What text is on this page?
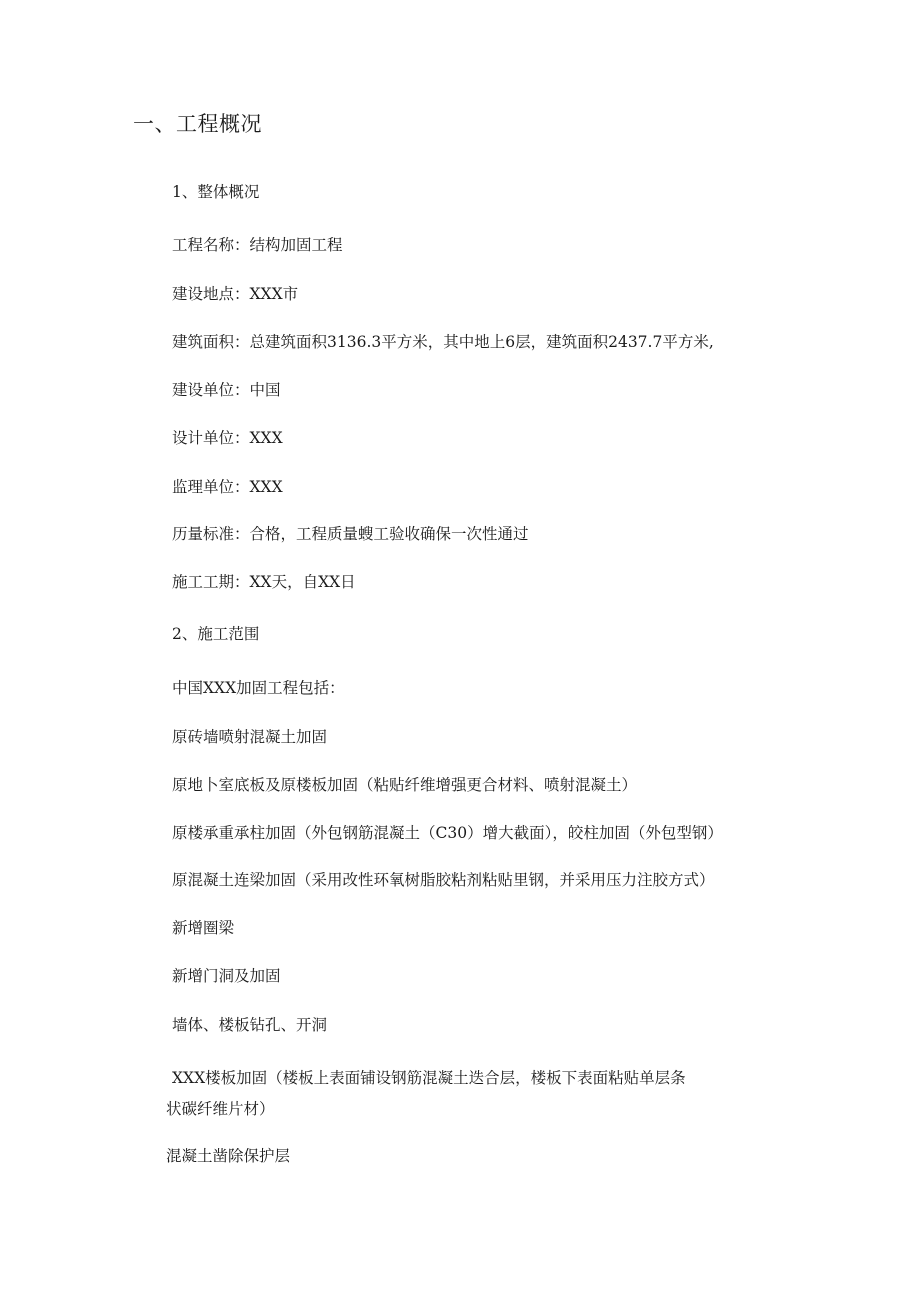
一、工程概况

1、整体概况

工程名称：结构加固工程

建设地点：XXX市

建筑面积：总建筑面积3136.3平方米，其中地上6层，建筑面积2437.7平方米,

建设单位：中国

设计单位：XXX

监理单位：XXX

历量标准：合格，工程质量螋工验收确保一次性通过

施工工期：XX天，自XX日

2、施工范围

中国XXX加固工程包括：

原砖墙喷射混凝土加固

原地卜室底板及原楼板加固（粘贴纤维增强更合材料、喷射混凝土）

原楼承重承柱加固（外包钢筋混凝土（C30）增大截面），皎柱加固（外包型钢）

原混凝土连梁加固（采用改性环氧树脂胶粘剂粘贴里钢，并采用压力注胶方式）

新增圈梁

新增门洞及加固

墙体、楼板钻孔、开洞

XXX楼板加固（楼板上表面铺设钢筋混凝土迭合层，楼板下表面粘贴单层条

状碳纤维片材）

混凝土凿除保护层
